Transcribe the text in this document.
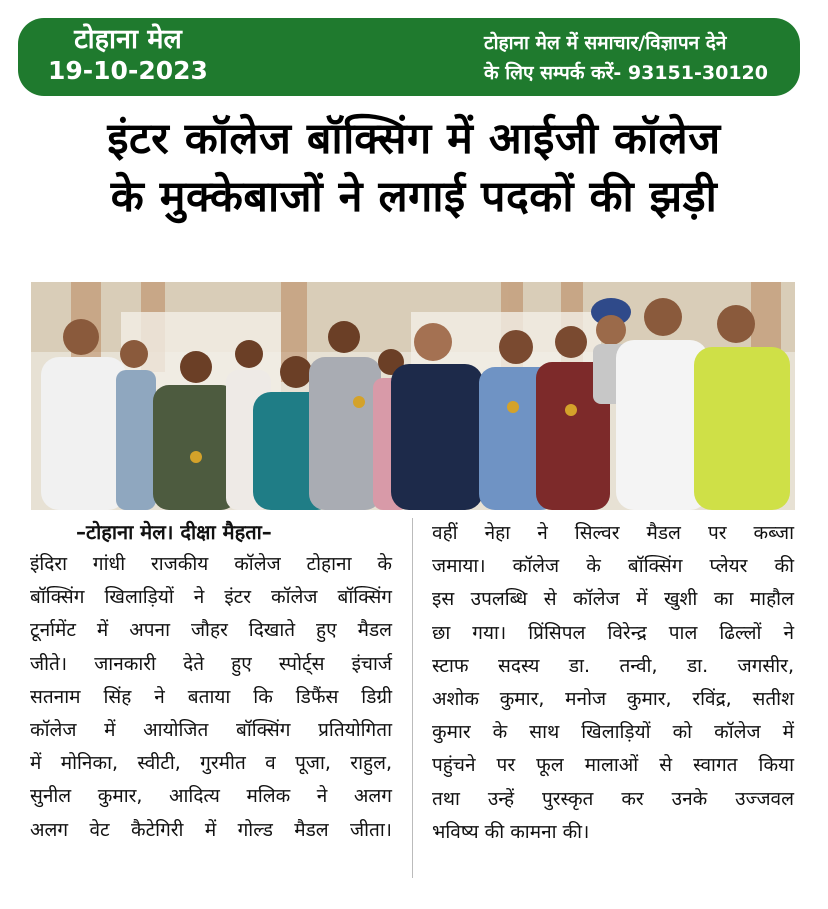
टोहाना मेल
19-10-2023
टोहाना मेल में समाचार/विज्ञापन देने
के लिए सम्पर्क करें- 93151-30120
इंटर कॉलेज बॉक्सिंग में आईजी कॉलेज
के मुक्केबाजों ने लगाई पदकों की झड़ी
–टोहाना मेल। दीक्षा मैहता–

इंदिरा गांधी राजकीय कॉलेज टोहाना के

बॉक्सिंग खिलाड़ियों ने इंटर कॉलेज बॉक्सिंग

टूर्नामेंट में अपना जौहर दिखाते हुए मैडल

जीते। जानकारी देते हुए स्पोर्ट्स इंचार्ज

सतनाम सिंह ने बताया कि डिफैंस डिग्री

कॉलेज में आयोजित बॉक्सिंग प्रतियोगिता

में मोनिका, स्वीटी, गुरमीत व पूजा, राहुल,

सुनील कुमार, आदित्य मलिक ने अलग

अलग वेट कैटेगिरी में गोल्ड मैडल जीता।

वहीं नेहा ने सिल्वर मैडल पर कब्जा

जमाया। कॉलेज के बॉक्सिंग प्लेयर की

इस उपलब्धि से कॉलेज में खुशी का माहौल

छा गया। प्रिंसिपल विरेन्द्र पाल ढिल्लों ने

स्टाफ सदस्य डा. तन्वी, डा. जगसीर,

अशोक कुमार, मनोज कुमार, रविंद्र, सतीश

कुमार के साथ खिलाड़ियों को कॉलेज में

पहुंचने पर फूल मालाओं से स्वागत किया

तथा उन्हें पुरस्कृत कर उनके उज्जवल

भविष्य की कामना की।
